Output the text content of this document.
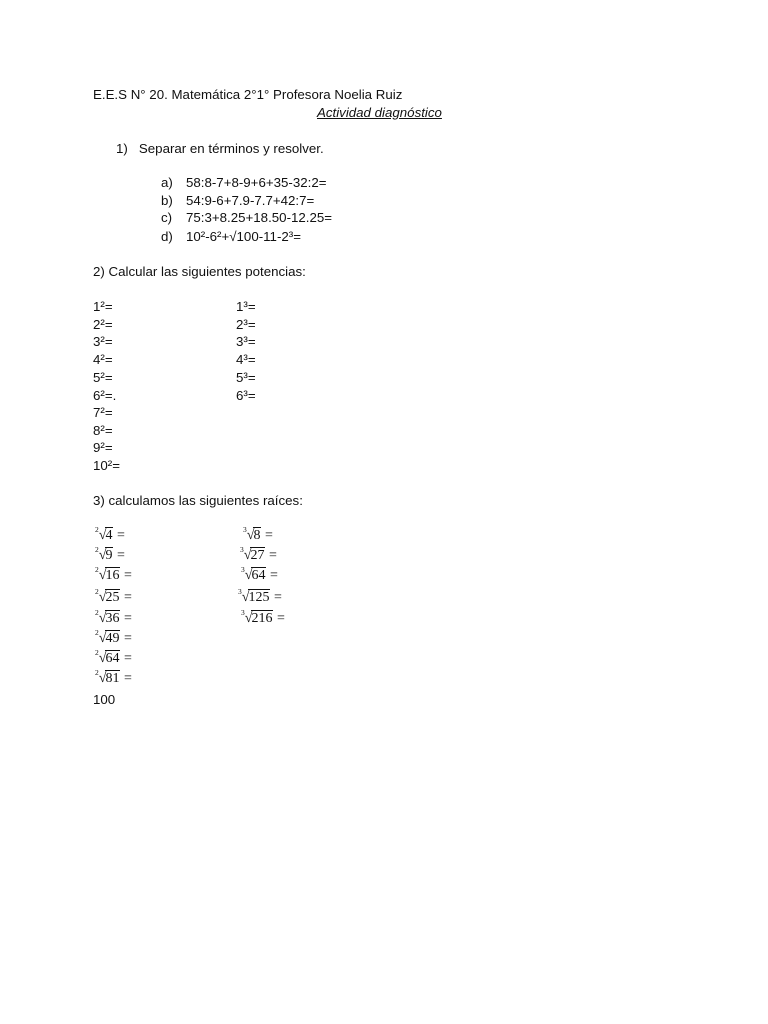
E.E.S N° 20. Matemática 2°1° Profesora Noelia Ruiz
Actividad diagnóstico
1)   Separar en términos y resolver.
a) 58:8-7+8-9+6+35-32:2=
b) 54:9-6+7.9-7.7+42:7=
c) 75:3+8.25+18.50-12.25=
d) 10²-6²+√100-11-2³=
2) Calcular las siguientes potencias:
1²=
2²=
3²=
4²=
5²=
6²=.
7²=
8²=
9²=
10²=
1³=
2³=
3³=
4³=
5³=
6³=
3) calculamos las siguientes raíces:
$^2$√4 =
$^2$√9 =
$^2$√16 =
$^2$√25 =
$^2$√36 =
$^2$√49 =
$^2$√64 =
$^2$√81 =
$^3$√8 =
$^3$√27 =
$^3$√64 =
$^3$√125 =
$^3$√216 =
100
